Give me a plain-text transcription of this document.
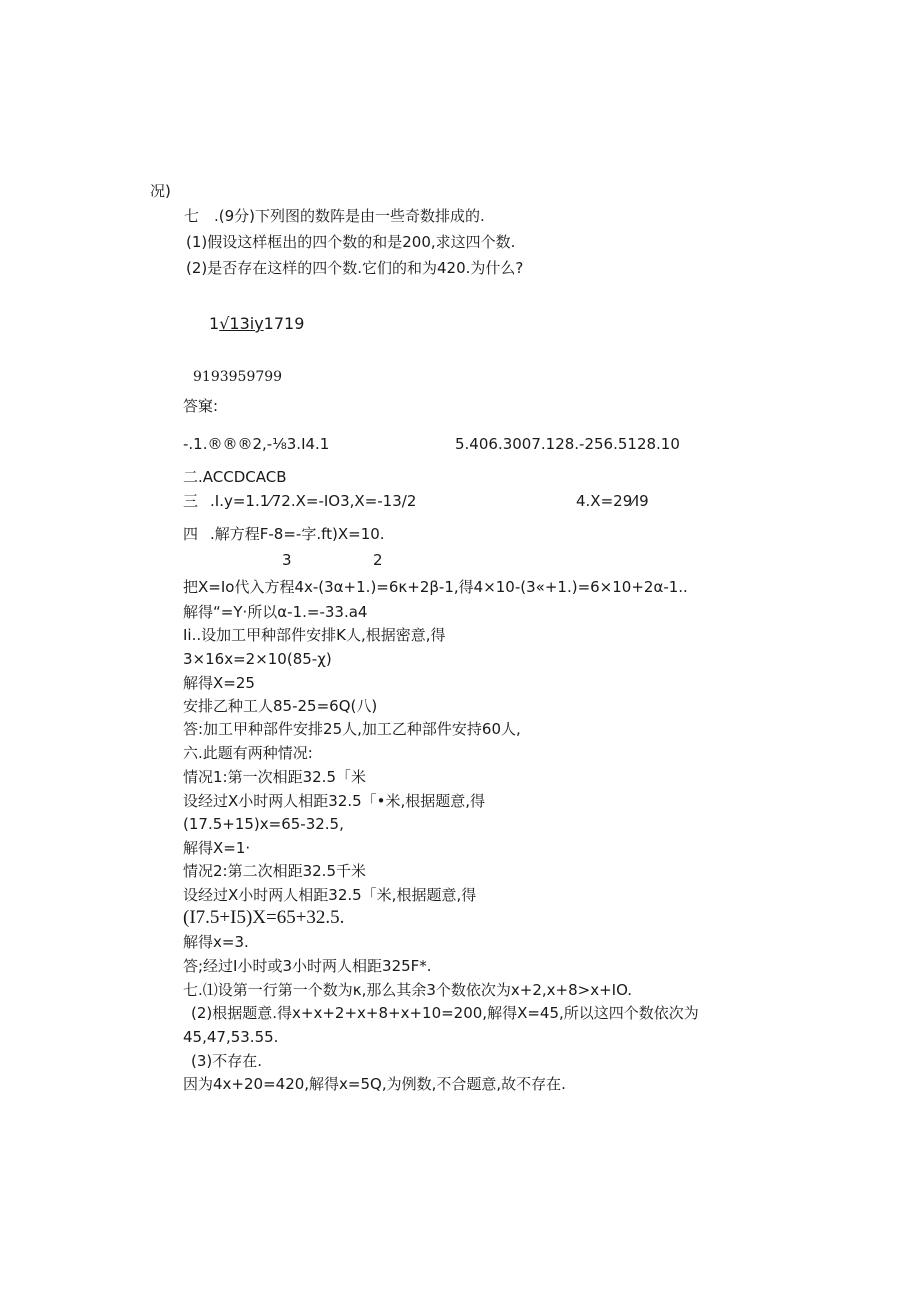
况)
七　.(9分)下列图的数阵是由一些奇数排成的.
(1)假设这样框出的四个数的和是200,求这四个数.
(2)是否存在这样的四个数.它们的和为420.为什么?
1√13iy1719
9193959799
答窠:
-.1.®®®2,-⅛3.I4.1	5.406.3007.128.-256.5128.10
二.ACCDCACB
三 .I.y=1.1⁄72.X=-IO3,X=-13/2	4.X=29⁄I9
四 .解方程F-8=-字.ft)X=10.
3	2
把X=Io代入方程4x-(3α+1.)=6κ+2β-1,得4×10-(3«+1.)=6×10+2α-1..
解得“=Y·所以α-1.=-33.а4
Ii..设加工甲种部件安排K人,根据密意,得
3×16x=2×10(85-χ)
解得X=25
安排乙种工人85-25=6Q(八)
答:加工甲种部件安排25人,加工乙种部件安持60人,
六.此题有两种情况:
情况1:第一次相距32.5「米
设经过X小时两人相距32.5「•米,根据题意,得
(17.5+15)x=65-32.5,
解得X=1·
情况2:第二次相距32.5千米
设经过X小时两人相距32.5「米,根据题意,得
(I7.5+I5)X=65+32.5.
解得x=3.
答;经过I小时或3小时两人相距325F*.
七.⑴设第一行第一个数为κ,那么其余3个数依次为x+2,x+8>x+IO.
(2)根据题意.得x+x+2+x+8+x+10=200,解得X=45,所以这四个数依次为
45,47,53.55.
(3)不存在.
因为4x+20=420,解得x=5Q,为例数,不合题意,故不存在.
